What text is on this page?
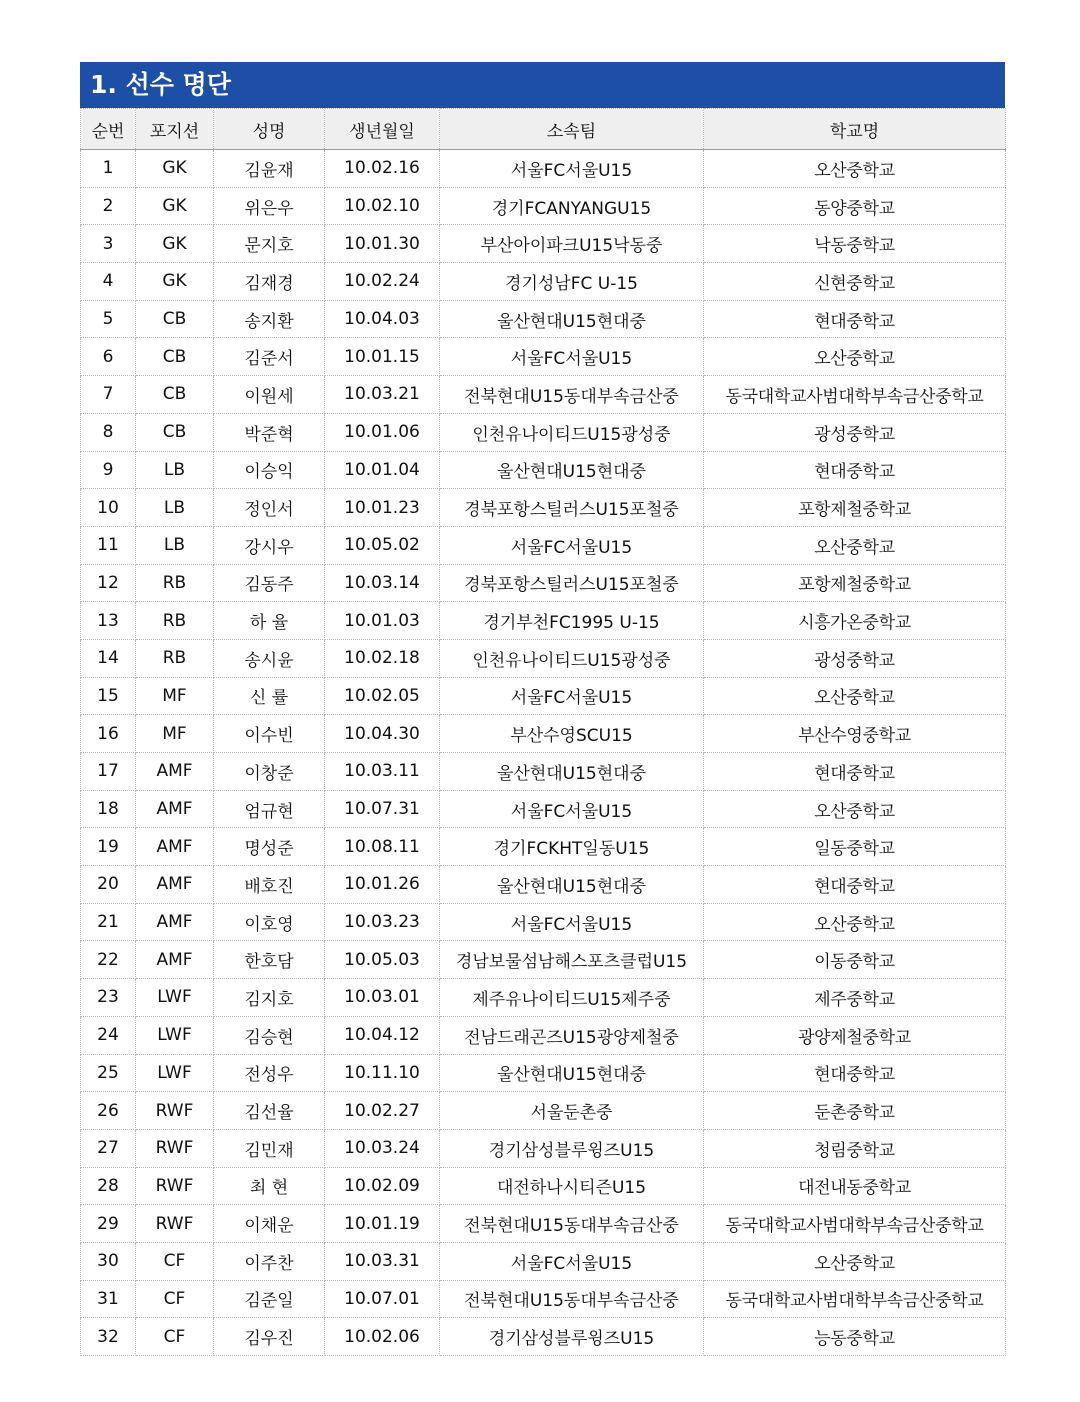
1. 선수 명단
순번	포지션	성명	생년월일	소속팀	학교명
1	GK	김윤재	10.02.16	서울FC서울U15	오산중학교
2	GK	위은우	10.02.10	경기FCANYANGU15	동양중학교
3	GK	문지호	10.01.30	부산아이파크U15낙동중	낙동중학교
4	GK	김재경	10.02.24	경기성남FC U-15	신현중학교
5	CB	송지환	10.04.03	울산현대U15현대중	현대중학교
6	CB	김준서	10.01.15	서울FC서울U15	오산중학교
7	CB	이원세	10.03.21	전북현대U15동대부속금산중	동국대학교사범대학부속금산중학교
8	CB	박준혁	10.01.06	인천유나이티드U15광성중	광성중학교
9	LB	이승익	10.01.04	울산현대U15현대중	현대중학교
10	LB	정인서	10.01.23	경북포항스틸러스U15포철중	포항제철중학교
11	LB	강시우	10.05.02	서울FC서울U15	오산중학교
12	RB	김동주	10.03.14	경북포항스틸러스U15포철중	포항제철중학교
13	RB	하 율	10.01.03	경기부천FC1995 U-15	시흥가온중학교
14	RB	송시윤	10.02.18	인천유나이티드U15광성중	광성중학교
15	MF	신 률	10.02.05	서울FC서울U15	오산중학교
16	MF	이수빈	10.04.30	부산수영SCU15	부산수영중학교
17	AMF	이창준	10.03.11	울산현대U15현대중	현대중학교
18	AMF	엄규현	10.07.31	서울FC서울U15	오산중학교
19	AMF	명성준	10.08.11	경기FCKHT일동U15	일동중학교
20	AMF	배호진	10.01.26	울산현대U15현대중	현대중학교
21	AMF	이호영	10.03.23	서울FC서울U15	오산중학교
22	AMF	한호담	10.05.03	경남보물섬남해스포츠클럽U15	이동중학교
23	LWF	김지호	10.03.01	제주유나이티드U15제주중	제주중학교
24	LWF	김승현	10.04.12	전남드래곤즈U15광양제철중	광양제철중학교
25	LWF	전성우	10.11.10	울산현대U15현대중	현대중학교
26	RWF	김선율	10.02.27	서울둔촌중	둔촌중학교
27	RWF	김민재	10.03.24	경기삼성블루윙즈U15	청림중학교
28	RWF	최 현	10.02.09	대전하나시티즌U15	대전내동중학교
29	RWF	이채운	10.01.19	전북현대U15동대부속금산중	동국대학교사범대학부속금산중학교
30	CF	이주찬	10.03.31	서울FC서울U15	오산중학교
31	CF	김준일	10.07.01	전북현대U15동대부속금산중	동국대학교사범대학부속금산중학교
32	CF	김우진	10.02.06	경기삼성블루윙즈U15	능동중학교
